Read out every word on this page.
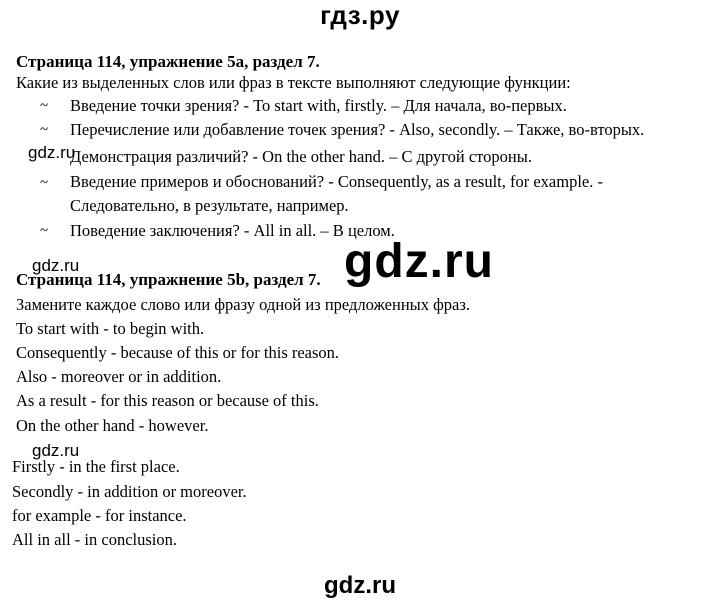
гдз.ру
Страница 114, упражнение 5а, раздел 7.
Какие из выделенных слов или фраз в тексте выполняют следующие функции:
~ Введение точки зрения? - To start with, firstly. – Для начала, во-первых.
~ Перечисление или добавление точек зрения? - Also, secondly. – Также, во-вторых.
Демонстрация различий? - On the other hand. – С другой стороны.
~ Введение примеров и обоснований? - Consequently, as a result, for example. -
Следовательно, в результате, например.
~ Поведение заключения? - All in all. – В целом.
Страница 114, упражнение 5b, раздел 7.
Замените каждое слово или фразу одной из предложенных фраз.
To start with - to begin with.
Consequently - because of this or for this reason.
Also - moreover or in addition.
As a result - for this reason or because of this.
On the other hand ‑ however.
Firstly - in the first place.
Secondly - in addition or moreover.
for example - for instance.
All in all - in conclusion.
gdz.ru
gdz.ru
gdz.ru
gdz.ru
gdz.ru
